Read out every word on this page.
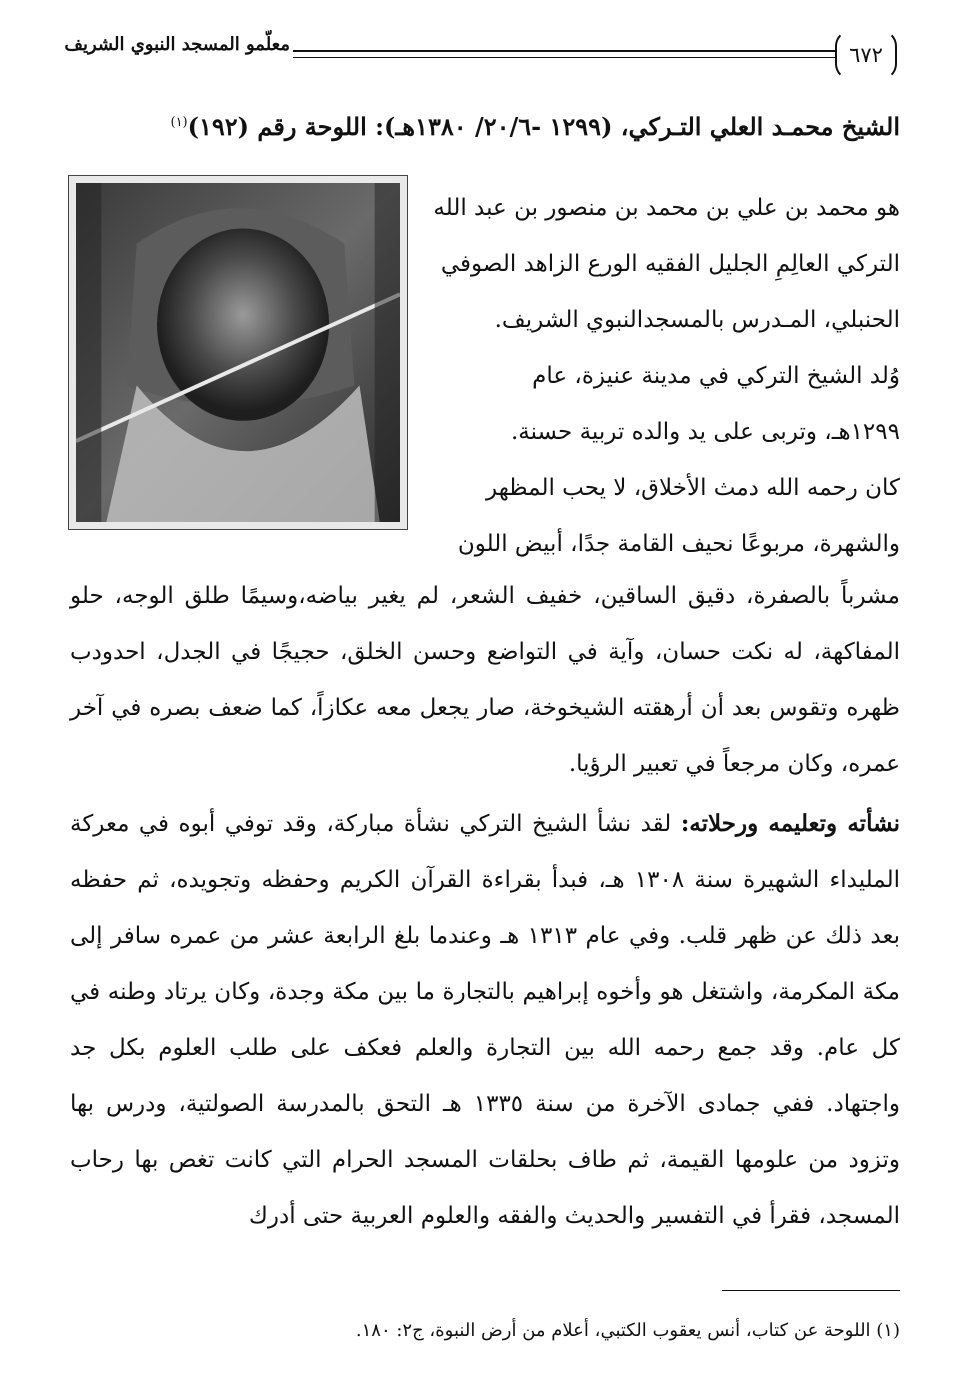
معلّمو المسجد النبوي الشريف	٦٧٢
الشيخ محمـد العلي التـركي، (١٢٩٩ -٢٠/٦/ ١٣٨٠هـ): اللوحة رقم (١٩٢)$^{(١)}$
هو محمد بن علي بن محمد بن منصور بن عبد الله
التركي العالِمِ الجليل الفقيه الورع الزاهد الصوفي
الحنبلي، المـدرس بالمسجدالنبوي الشريف.
وُلد الشيخ التركي في مدينة عنيزة، عام
١٢٩٩هـ، وتربى على يد والده تربية حسنة.
كان رحمه الله دمث الأخلاق، لا يحب المظهر
والشهرة، مربوعًا نحيف القامة جدًا، أبيض اللون

مشرباً بالصفرة، دقيق الساقين، خفيف الشعر، لم يغير بياضه،وسيمًا طلق الوجه، حلو المفاكهة، له نكت حسان، وآية في التواضع وحسن الخلق، حجيجًا في الجدل، احدودب ظهره وتقوس بعد أن أرهقته الشيخوخة، صار يجعل معه عكازاً، كما ضعف بصره في آخر عمره، وكان مرجعاً في تعبير الرؤيا.

نشأته وتعليمه ورحلاته: لقد نشأ الشيخ التركي نشأة مباركة، وقد توفي أبوه في معركة المليداء الشهيرة سنة ١٣٠٨ هـ، فبدأ بقراءة القرآن الكريم وحفظه وتجويده، ثم حفظه بعد ذلك عن ظهر قلب. وفي عام ١٣١٣ هـ وعندما بلغ الرابعة عشر من عمره سافر إلى مكة المكرمة، واشتغل هو وأخوه إبراهيم بالتجارة ما بين مكة وجدة، وكان يرتاد وطنه في كل عام. وقد جمع رحمه الله بين التجارة والعلم فعكف على طلب العلوم بكل جد واجتهاد. ففي جمادى الآخرة من سنة ١٣٣٥ هـ التحق بالمدرسة الصولتية، ودرس بها وتزود من علومها القيمة، ثم طاف بحلقات المسجد الحرام التي كانت تغص بها رحاب المسجد، فقرأ في التفسير والحديث والفقه والعلوم العربية حتى أدرك

(١) اللوحة عن كتاب، أنس يعقوب الكتبي، أعلام من أرض النبوة، ج٢: ١٨٠.
